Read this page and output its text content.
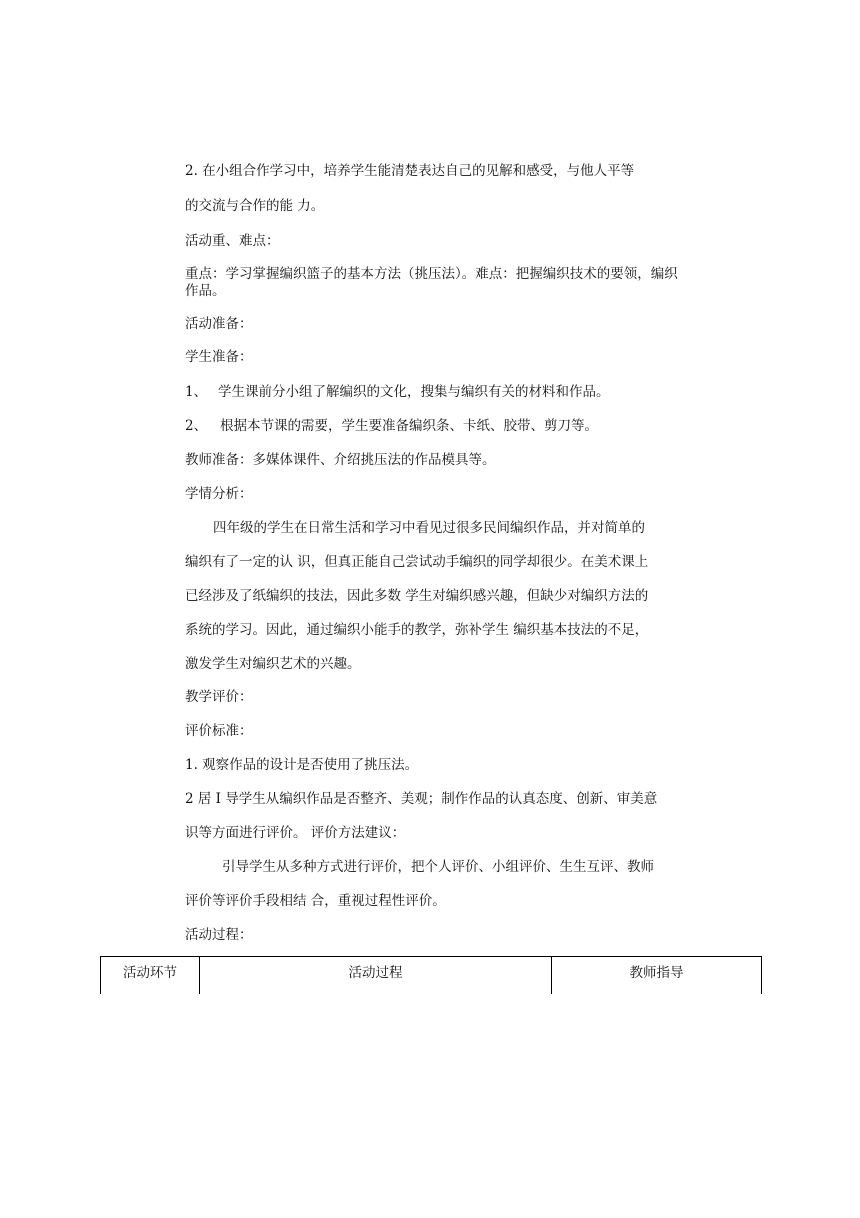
2. 在小组合作学习中，培养学生能清楚表达自己的见解和感受，与他人平等
的交流与合作的能 力。
活动重、难点：
重点：学习掌握编织篮子的基本方法（挑压法）。难点：把握编织技术的要领，编织作品。
活动准备：
学生准备：
1、 学生课前分小组了解编织的文化，搜集与编织有关的材料和作品。
2、 根据本节课的需要，学生要准备编织条、卡纸、胶带、剪刀等。
教师准备：多媒体课件、介绍挑压法的作品模具等。
学情分析：
四年级的学生在日常生活和学习中看见过很多民间编织作品，并对简单的
编织有了一定的认 识，但真正能自己尝试动手编织的同学却很少。在美术课上
已经涉及了纸编织的技法，因此多数 学生对编织感兴趣，但缺少对编织方法的
系统的学习。因此，通过编织小能手的教学，弥补学生 编织基本技法的不足，
激发学生对编织艺术的兴趣。
教学评价：
评价标准：
1. 观察作品的设计是否使用了挑压法。
2 居 I 导学生从编织作品是否整齐、美观；制作作品的认真态度、创新、审美意
识等方面进行评价。 评价方法建议：
引导学生从多种方式进行评价，把个人评价、小组评价、生生互评、教师
评价等评价手段相结 合，重视过程性评价。
活动过程：
活动环节	活动过程	教师指导
